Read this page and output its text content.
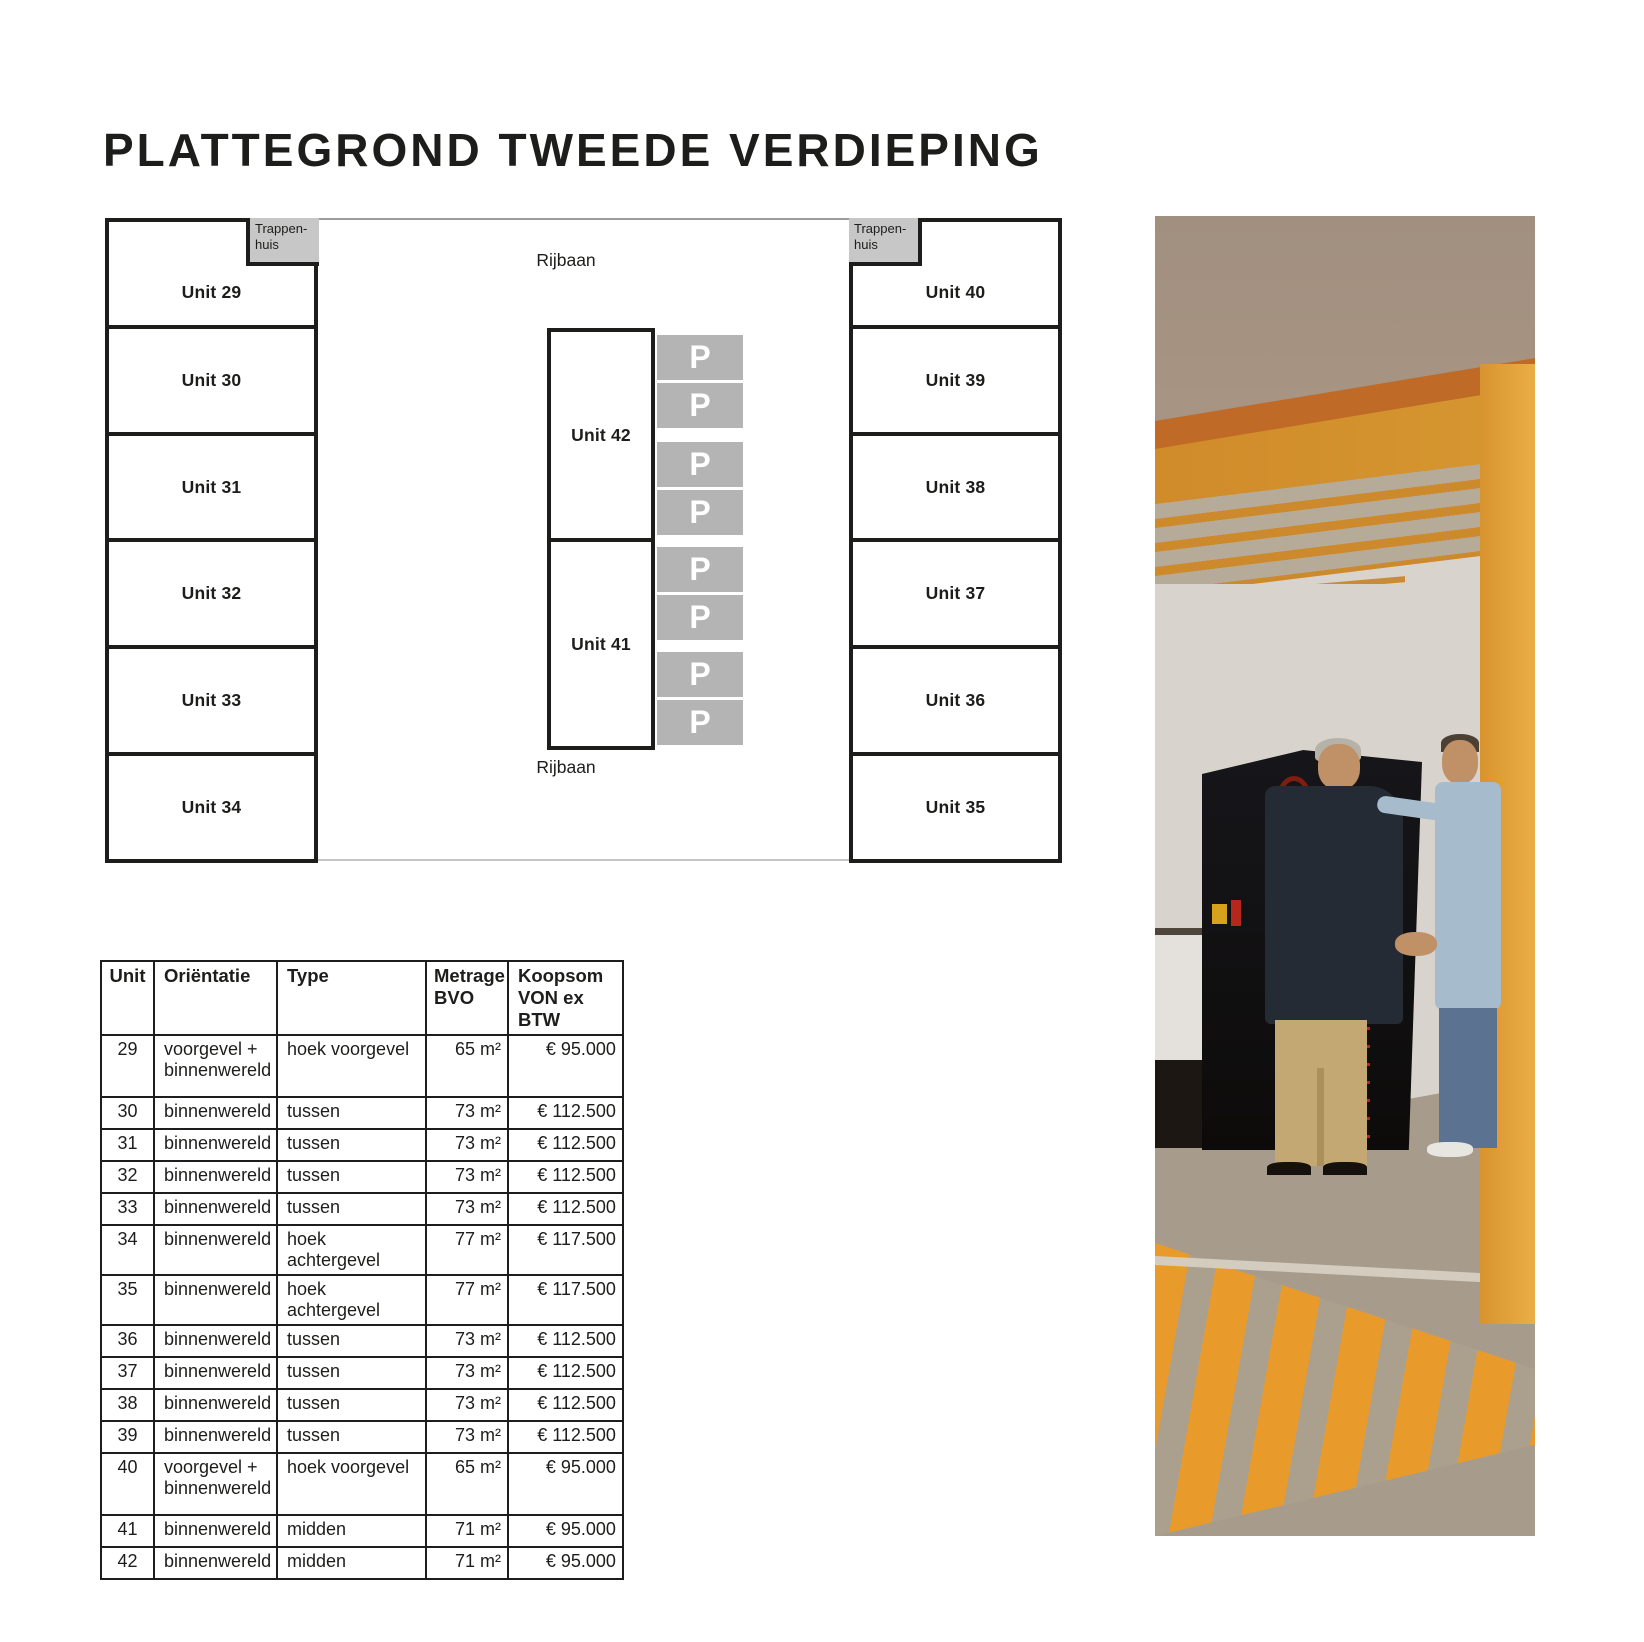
PLATTEGROND TWEEDE VERDIEPING
Unit 29
Unit 30
Unit 31
Unit 32
Unit 33
Unit 34
Unit 40
Unit 39
Unit 38
Unit 37
Unit 36
Unit 35
Trappen-
huis
Trappen-
huis
Rijbaan
Rijbaan
Unit 42
Unit 41
P
P
P
P
P
P
P
P
Unit	Oriëntatie	Type	Metrage BVO	Koopsom VON ex BTW
29	voorgevel + binnenwereld	hoek voorgevel	65 m²	€ 95.000
30	binnenwereld	tussen	73 m²	€ 112.500
31	binnenwereld	tussen	73 m²	€ 112.500
32	binnenwereld	tussen	73 m²	€ 112.500
33	binnenwereld	tussen	73 m²	€ 112.500
34	binnenwereld	hoek achtergevel	77 m²	€ 117.500
35	binnenwereld	hoek achtergevel	77 m²	€ 117.500
36	binnenwereld	tussen	73 m²	€ 112.500
37	binnenwereld	tussen	73 m²	€ 112.500
38	binnenwereld	tussen	73 m²	€ 112.500
39	binnenwereld	tussen	73 m²	€ 112.500
40	voorgevel + binnenwereld	hoek voorgevel	65 m²	€ 95.000
41	binnenwereld	midden	71 m²	€ 95.000
42	binnenwereld	midden	71 m²	€ 95.000
